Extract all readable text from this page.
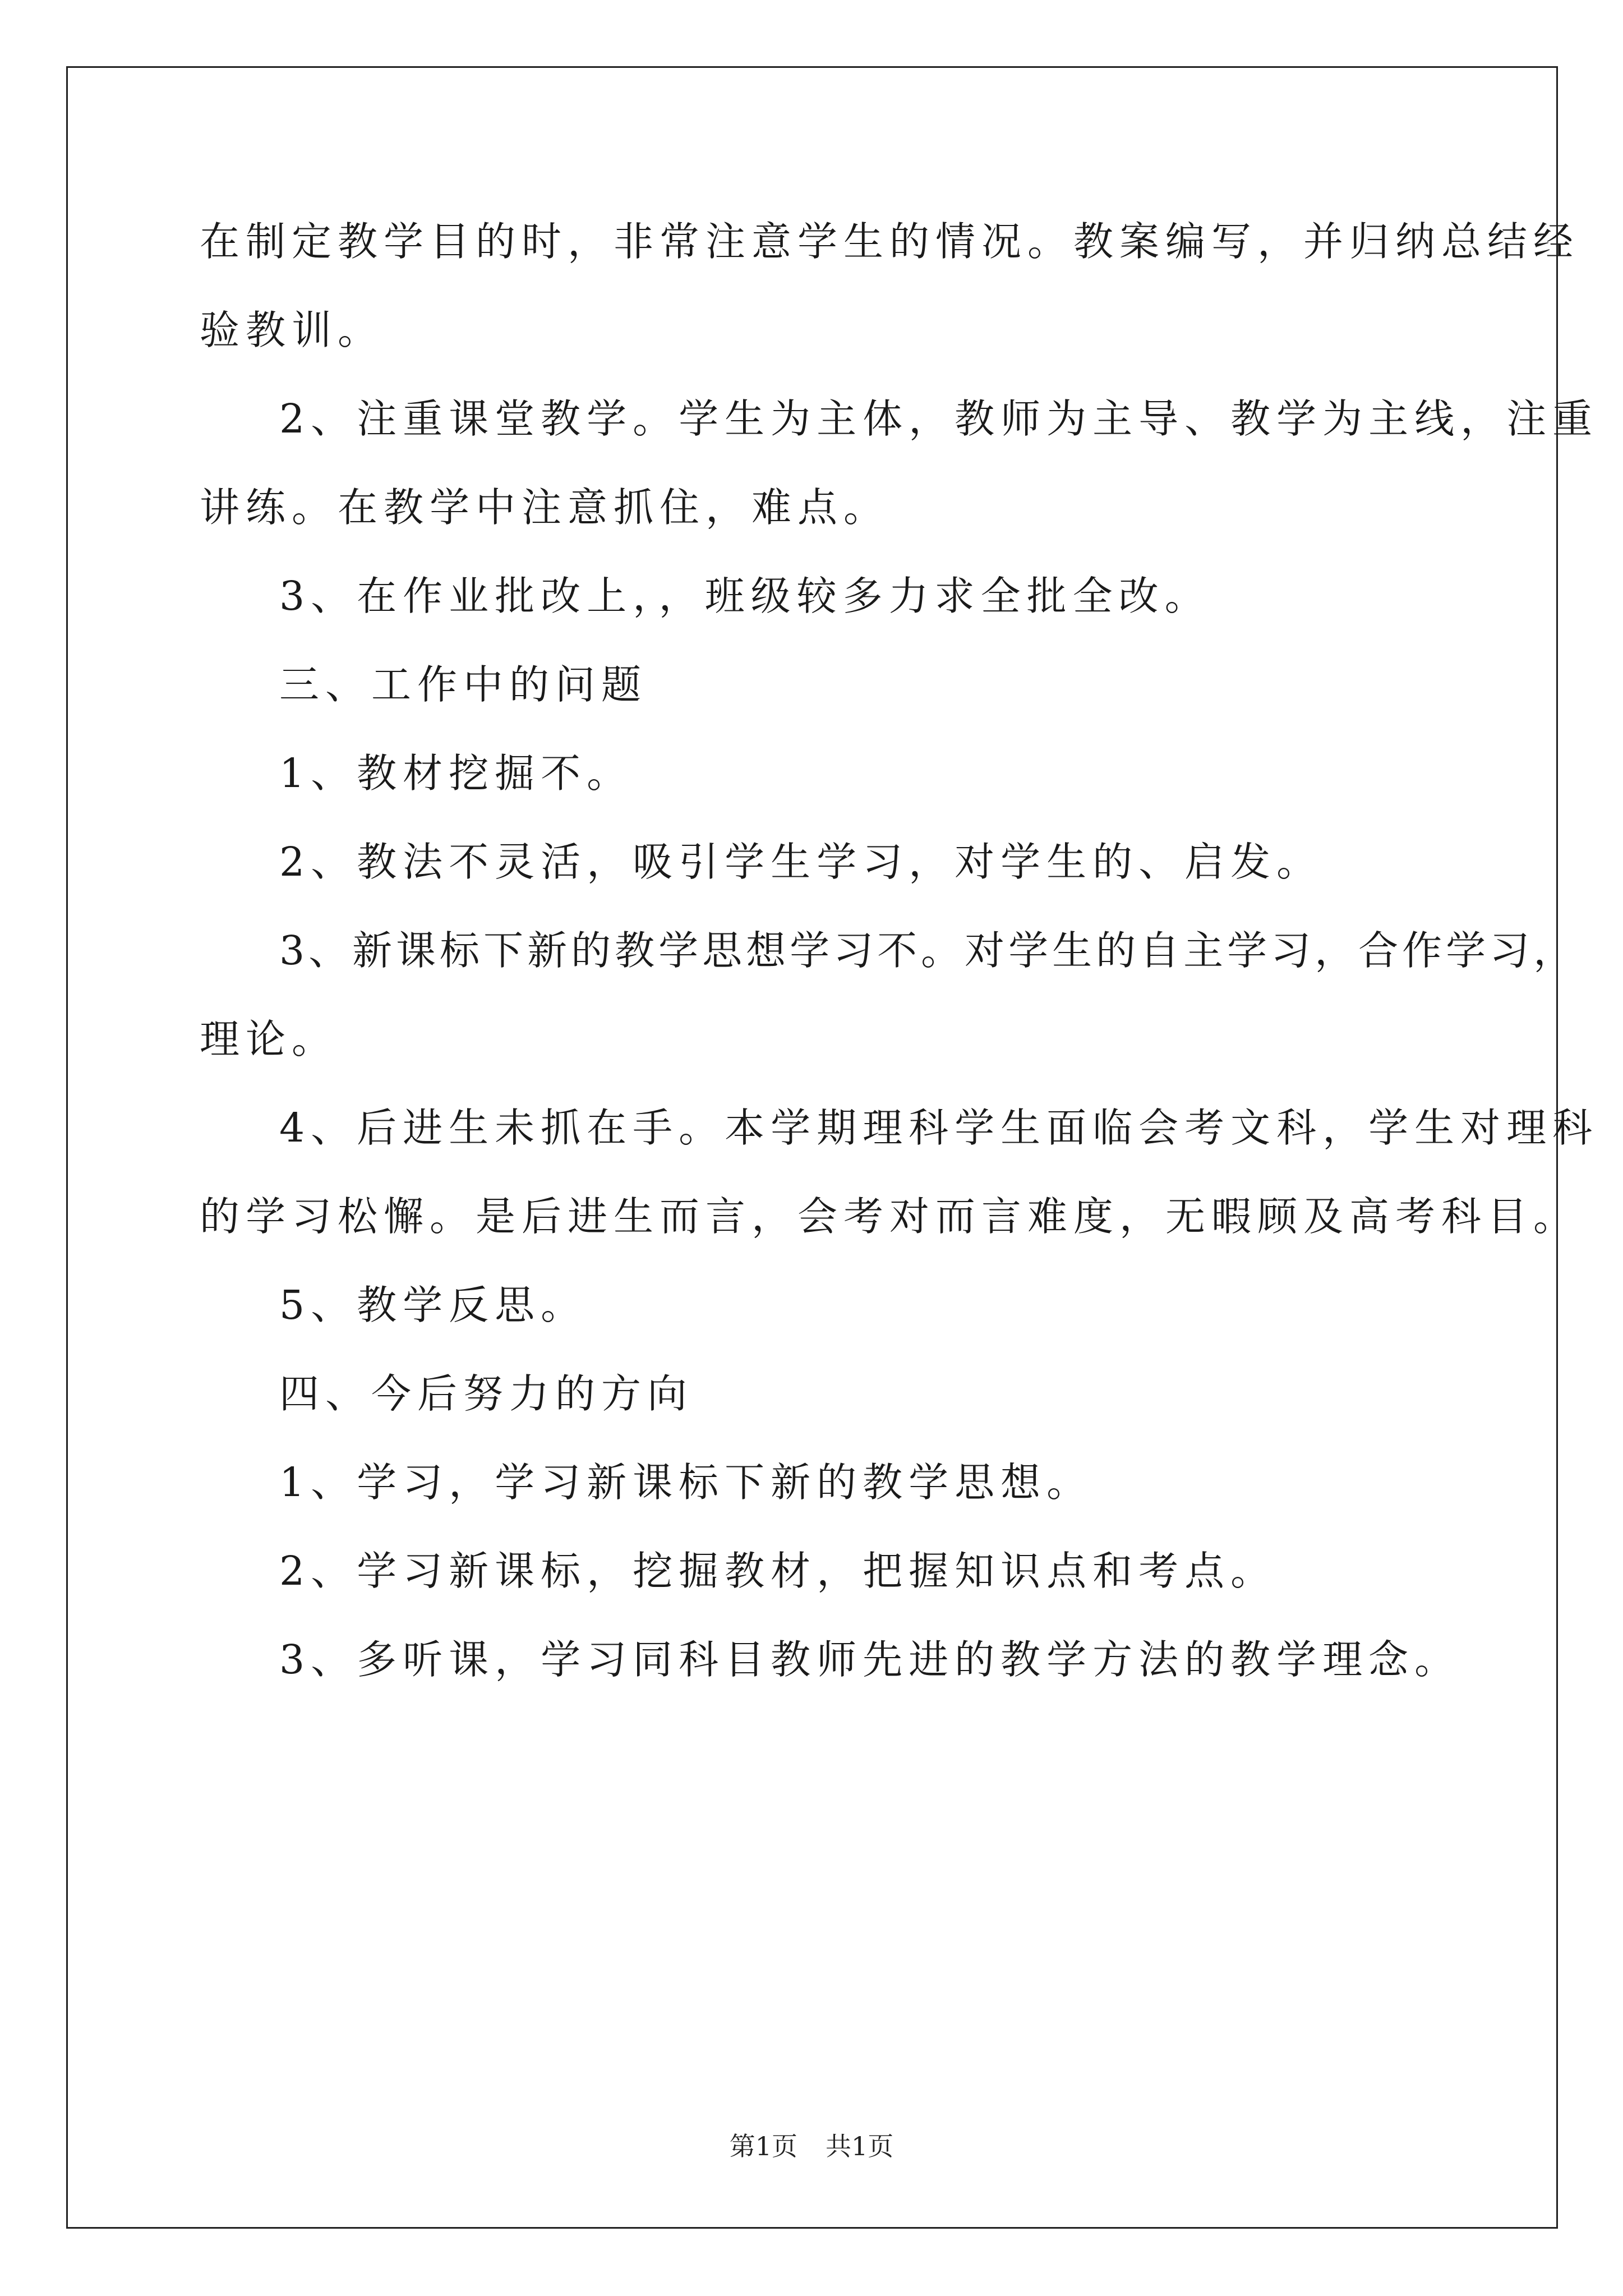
在制定教学目的时，非常注意学生的情况。教案编写，并归纳总结经

验教训。

2、注重课堂教学。学生为主体，教师为主导、教学为主线，注重

讲练。在教学中注意抓住，难点。

3、在作业批改上，，班级较多力求全批全改。

三、工作中的问题

1、教材挖掘不。

2、教法不灵活，吸引学生学习，对学生的、启发。

3、新课标下新的教学思想学习不。对学生的自主学习，合作学习，

理论。

4、后进生未抓在手。本学期理科学生面临会考文科，学生对理科

的学习松懈。是后进生而言，会考对而言难度，无暇顾及高考科目。

5、教学反思。

四、今后努力的方向

1、学习，学习新课标下新的教学思想。

2、学习新课标，挖掘教材，把握知识点和考点。

3、多听课，学习同科目教师先进的教学方法的教学理念。

第1页 共1页
